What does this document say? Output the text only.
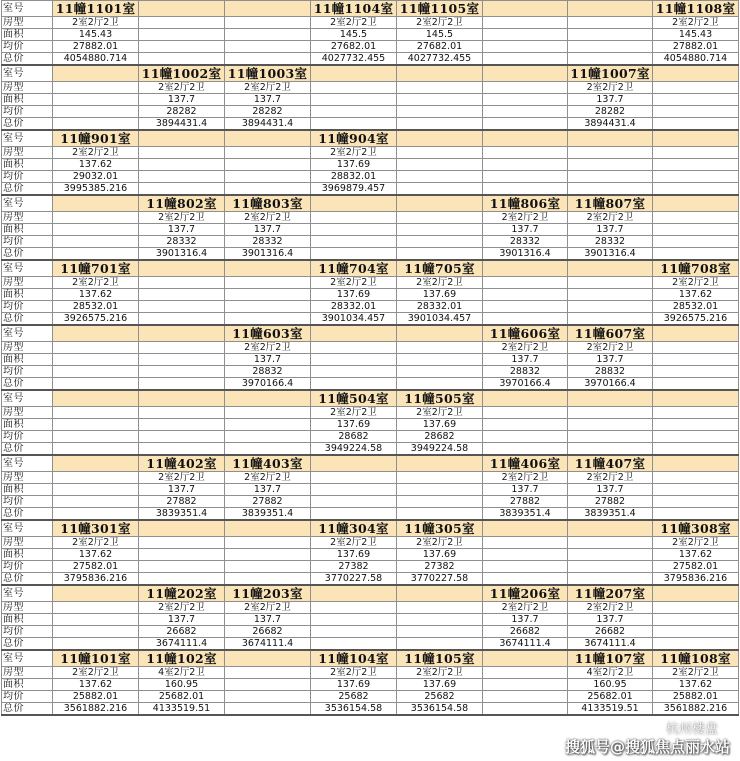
室号	11幢1101室			11幢1104室	11幢1105室			11幢1108室
房型	2室2厅2卫			2室2厅2卫	2室2厅2卫			2室2厅2卫
面积	145.43			145.5	145.5			145.43
均价	27882.01			27682.01	27682.01			27882.01
总价	4054880.714			4027732.455	4027732.455			4054880.714
室号		11幢1002室	11幢1003室				11幢1007室	
房型		2室2厅2卫	2室2厅2卫				2室2厅2卫	
面积		137.7	137.7				137.7	
均价		28282	28282				28282	
总价		3894431.4	3894431.4				3894431.4	
室号	11幢901室			11幢904室				
房型	2室2厅2卫			2室2厅2卫				
面积	137.62			137.69				
均价	29032.01			28832.01				
总价	3995385.216			3969879.457				
室号		11幢802室	11幢803室			11幢806室	11幢807室	
房型		2室2厅2卫	2室2厅2卫			2室2厅2卫	2室2厅2卫	
面积		137.7	137.7			137.7	137.7	
均价		28332	28332			28332	28332	
总价		3901316.4	3901316.4			3901316.4	3901316.4	
室号	11幢701室			11幢704室	11幢705室			11幢708室
房型	2室2厅2卫			2室2厅2卫	2室2厅2卫			2室2厅2卫
面积	137.62			137.69	137.69			137.62
均价	28532.01			28332.01	28332.01			28532.01
总价	3926575.216			3901034.457	3901034.457			3926575.216
室号			11幢603室			11幢606室	11幢607室	
房型			2室2厅2卫			2室2厅2卫	2室2厅2卫	
面积			137.7			137.7	137.7	
均价			28832			28832	28832	
总价			3970166.4			3970166.4	3970166.4	
室号				11幢504室	11幢505室			
房型				2室2厅2卫	2室2厅2卫			
面积				137.69	137.69			
均价				28682	28682			
总价				3949224.58	3949224.58			
室号		11幢402室	11幢403室			11幢406室	11幢407室	
房型		2室2厅2卫	2室2厅2卫			2室2厅2卫	2室2厅2卫	
面积		137.7	137.7			137.7	137.7	
均价		27882	27882			27882	27882	
总价		3839351.4	3839351.4			3839351.4	3839351.4	
室号	11幢301室			11幢304室	11幢305室			11幢308室
房型	2室2厅2卫			2室2厅2卫	2室2厅2卫			2室2厅2卫
面积	137.62			137.69	137.69			137.62
均价	27582.01			27382	27382			27582.01
总价	3795836.216			3770227.58	3770227.58			3795836.216
室号		11幢202室	11幢203室			11幢206室	11幢207室	
房型		2室2厅2卫	2室2厅2卫			2室2厅2卫	2室2厅2卫	
面积		137.7	137.7			137.7	137.7	
均价		26682	26682			26682	26682	
总价		3674111.4	3674111.4			3674111.4	3674111.4	
室号	11幢101室	11幢102室		11幢104室	11幢105室		11幢107室	11幢108室
房型	2室2厅2卫	4室2厅2卫		2室2厅2卫	2室2厅2卫		4室2厅2卫	2室2厅2卫
面积	137.62	160.95		137.69	137.69		160.95	137.62
均价	25882.01	25682.01		25682	25682		25682.01	25882.01
总价	3561882.216	4133519.51		3536154.58	3536154.58		4133519.51	3561882.216
杭州楼盘
搜狐号@搜狐焦点丽水站
